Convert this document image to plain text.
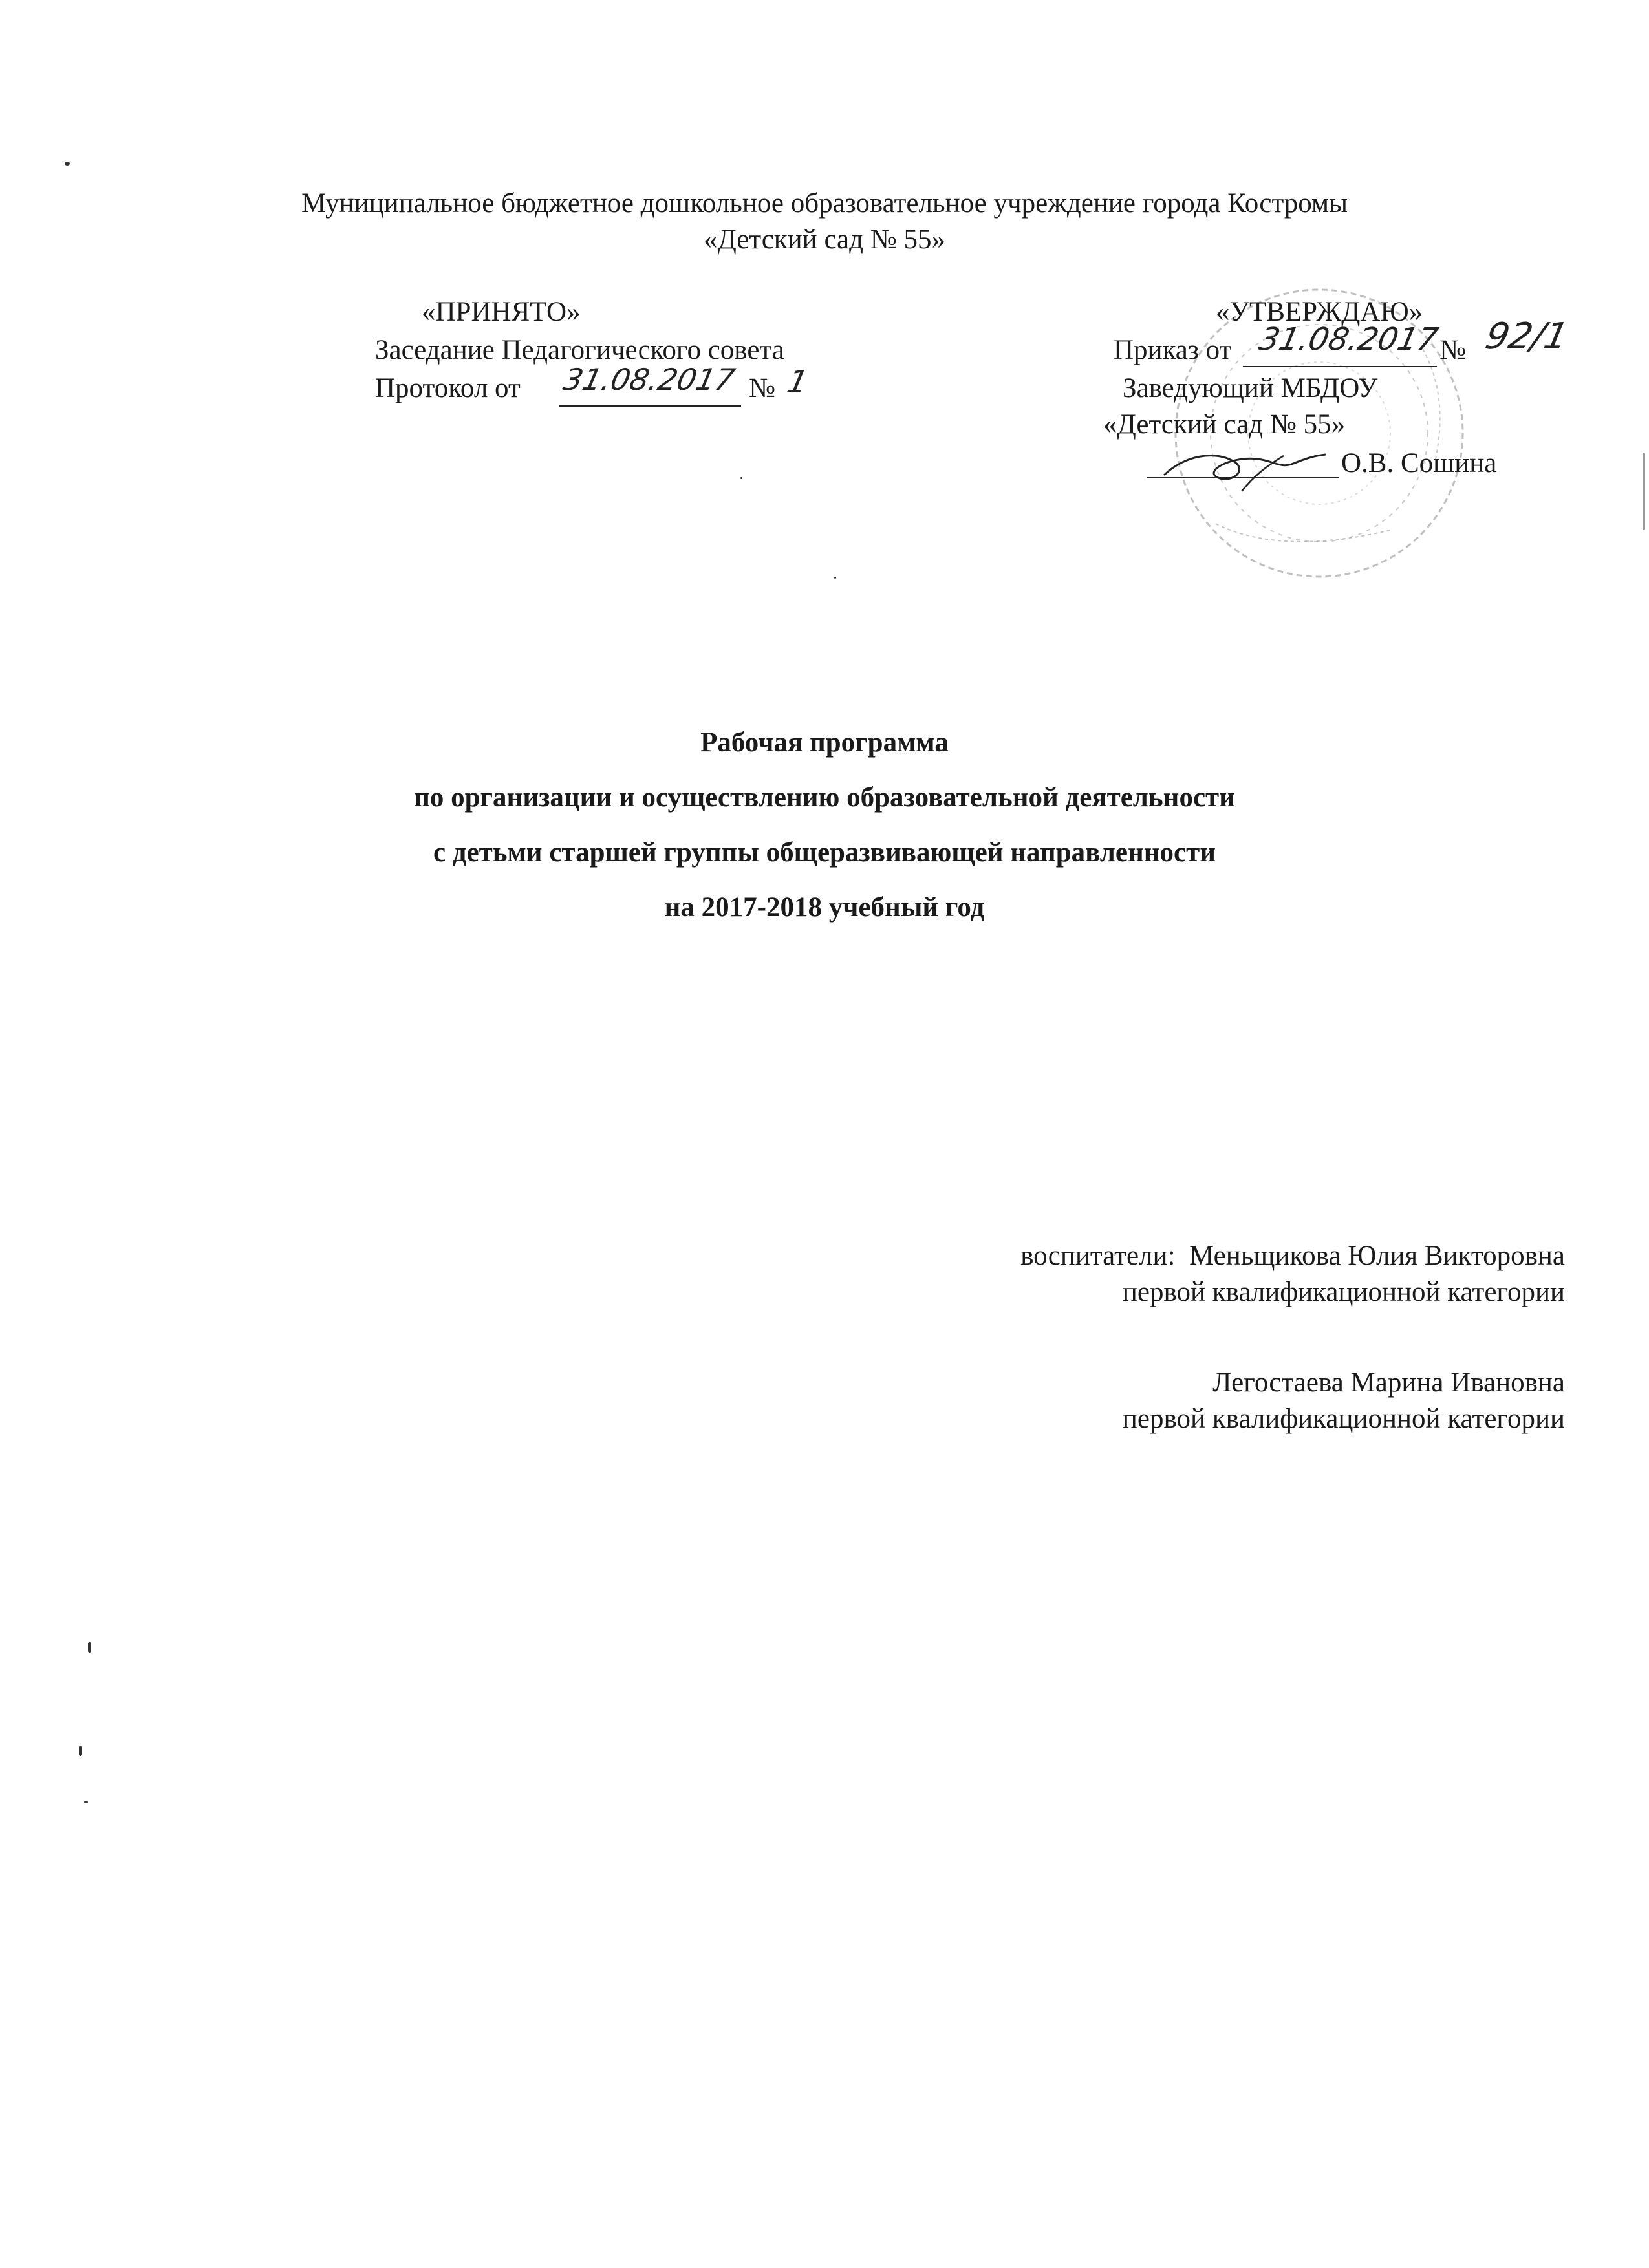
Муниципальное бюджетное дошкольное образовательное учреждение города Костромы
«Детский сад № 55»
«ПРИНЯТО»
Заседание Педагогического совета
Протокол от 31.08.2017 № 1
«УТВЕРЖДАЮ»
Приказ от 31.08.2017
№ 92/1
Заведующий МБДОУ
«Детский сад № 55»
О.В. Сошина
Рабочая программа
по организации и осуществлению образовательной деятельности
с детьми старшей группы общеразвивающей направленности
на 2017-2018 учебный год
воспитатели: Меньщикова Юлия Викторовна
первой квалификационной категории
Легостаева Марина Ивановна
первой квалификационной категории
